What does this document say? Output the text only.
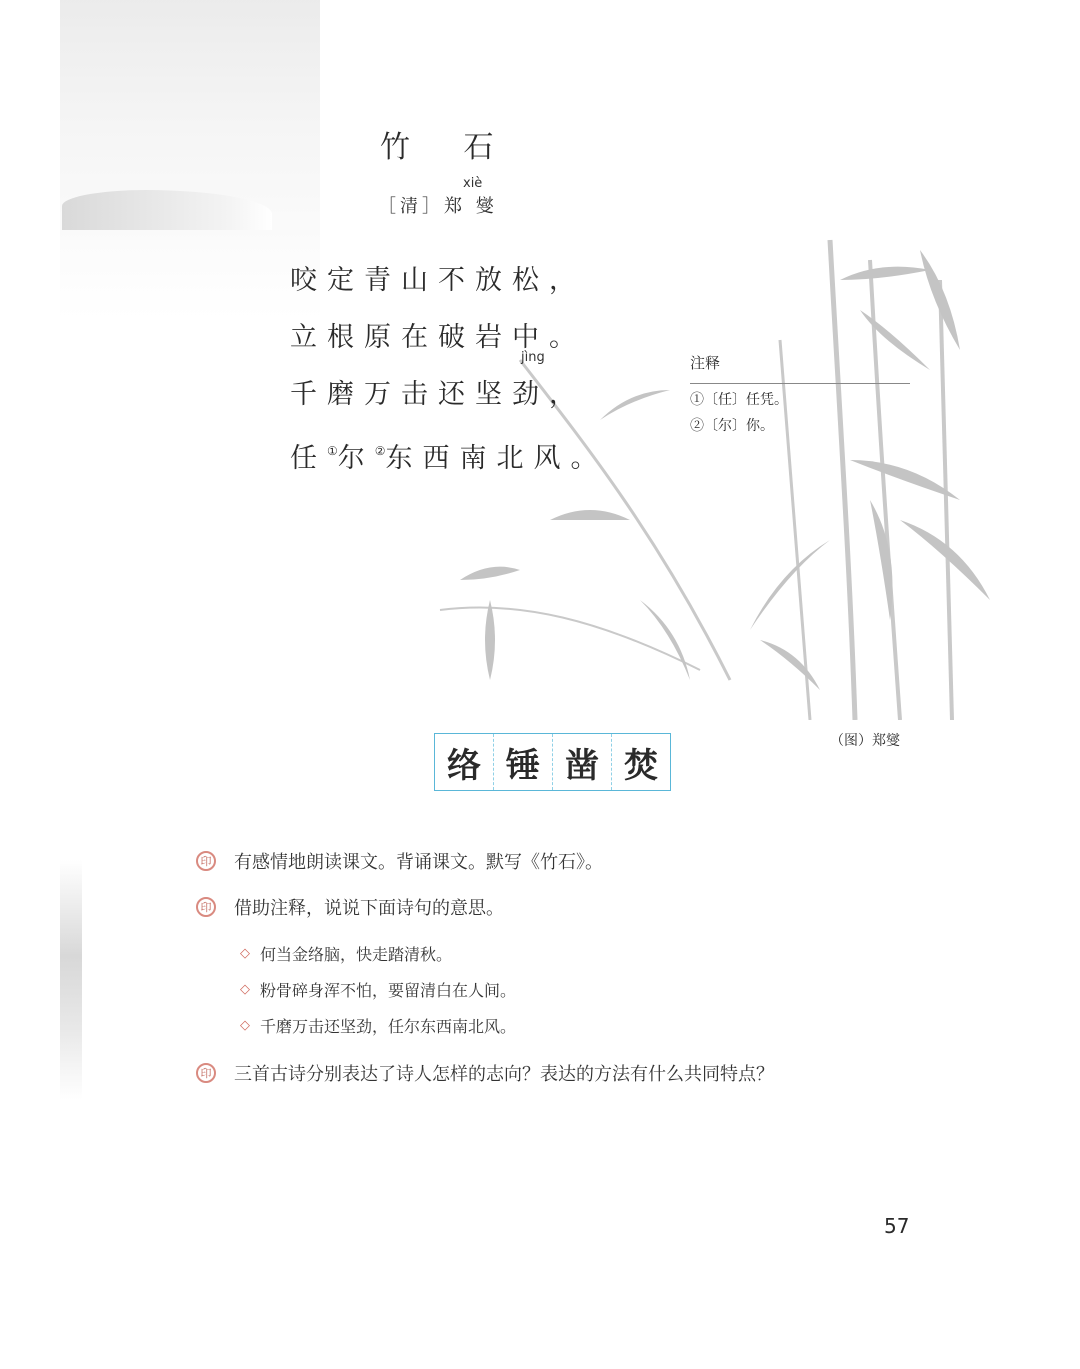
竹 石
xiè
［清］郑 燮
jìng
咬定青山不放松，
立根原在破岩中。
千磨万击还坚劲，
任①尔②东西南北风。
注释
①〔任〕任凭。
②〔尔〕你。
（图）郑燮
络 锤 凿 焚
印 有感情地朗读课文。背诵课文。默写《竹石》。
印 借助注释，说说下面诗句的意思。
◇ 何当金络脑，快走踏清秋。
◇ 粉骨碎身浑不怕，要留清白在人间。
◇ 千磨万击还坚劲，任尔东西南北风。
印 三首古诗分别表达了诗人怎样的志向？表达的方法有什么共同特点？
57
